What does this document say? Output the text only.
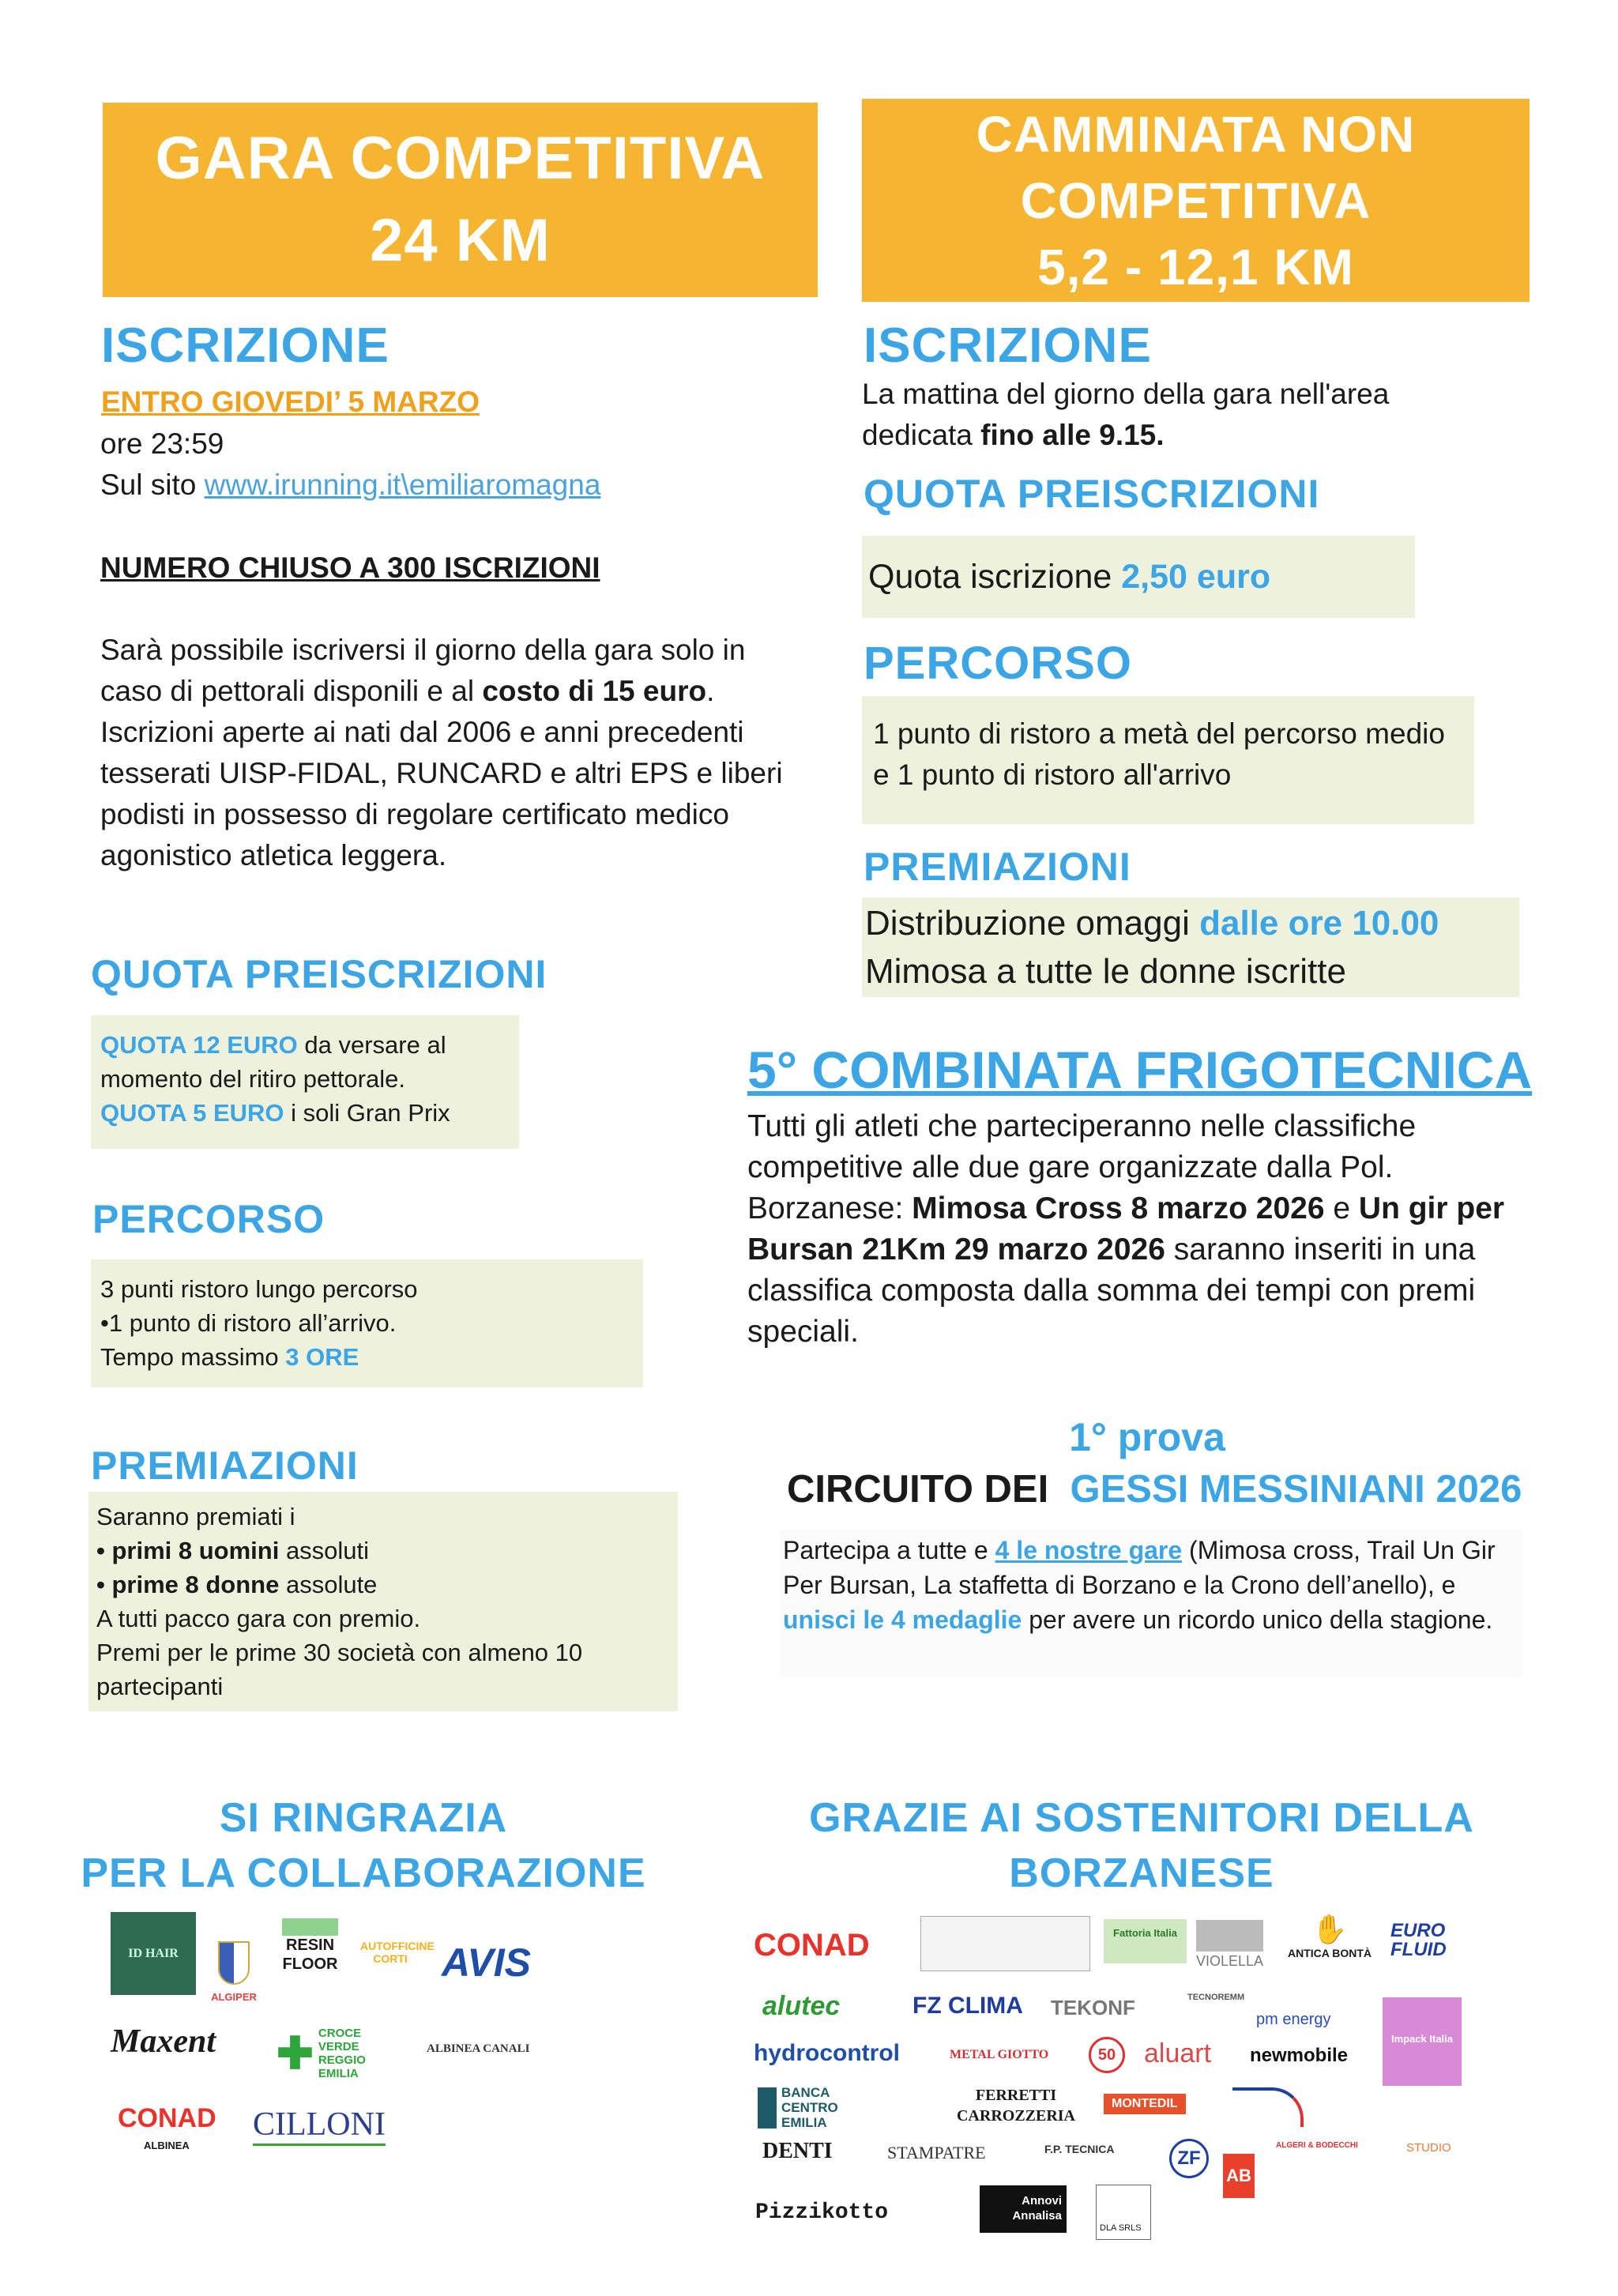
GARA COMPETITIVA
24 KM
CAMMINATA NON
COMPETITIVA
5,2 - 12,1 KM
ISCRIZIONE
ENTRO GIOVEDI’ 5 MARZO
ore 23:59
Sul sito www.irunning.it\emiliaromagna
NUMERO CHIUSO A 300 ISCRIZIONI
Sarà possibile iscriversi il giorno della gara solo in caso di pettorali disponili e al costo di 15 euro. Iscrizioni aperte ai nati dal 2006 e anni precedenti tesserati UISP-FIDAL, RUNCARD e altri EPS e liberi podisti in possesso di regolare certificato medico agonistico atletica leggera.
QUOTA PREISCRIZIONI
QUOTA 12 EURO da versare al momento del ritiro pettorale.
QUOTA 5 EURO i soli Gran Prix
PERCORSO
3 punti ristoro lungo percorso
•1 punto di ristoro all’arrivo.
Tempo massimo 3 ORE
PREMIAZIONI
Saranno premiati i
• primi 8 uomini assoluti
• prime 8 donne assolute
A tutti pacco gara con premio.
Premi per le prime 30 società con almeno 10 partecipanti
SI RINGRAZIA
PER LA COLLABORAZIONE
ID HAIR
ALGIPER
RESIN FLOOR
AUTOFFICINE CORTI AVIS
Maxent ✚ CROCE VERDE REGGIO EMILIA
ALBINEA CANALI
CONAD
ALBINEA
CILLONI
ISCRIZIONE
La mattina del giorno della gara nell'area dedicata fino alle 9.15.
QUOTA PREISCRIZIONI
Quota iscrizione 2,50 euro
PERCORSO
1 punto di ristoro a metà del percorso medio e 1 punto di ristoro all'arrivo
PREMIAZIONI
Distribuzione omaggi dalle ore 10.00
Mimosa a tutte le donne iscritte
5° COMBINATA FRIGOTECNICA
Tutti gli atleti che parteciperanno nelle classifiche competitive alle due gare organizzate dalla Pol. Borzanese: Mimosa Cross 8 marzo 2026 e Un gir per Bursan 21Km 29 marzo 2026 saranno inseriti in una classifica composta dalla somma dei tempi con premi speciali.
1° prova
CIRCUITO DEI  GESSI MESSINIANI 2026
Partecipa a tutte e 4 le nostre gare (Mimosa cross, Trail Un Gir Per Bursan, La staffetta di Borzano e la Crono dell’anello), e unisci le 4 medaglie per avere un ricordo unico della stagione.
GRAZIE AI SOSTENITORI DELLA
BORZANESE
CONAD	Fattoria Italia
VIOLELLA
✋
ANTICA BONTÀ
EURO FLUID
alutec	FZ CLIMA TEKONF	TECNOREMM
pm energy
Impack Italia
hydrocontrol	METAL GIOTTO	50	aluart newmobile
BANCA CENTRO EMILIA
FERRETTI CARROZZERIA
MONTEDIL
DENTI	STAMPATRE	F.P. TECNICA	ZF
AB
ALGERI & BODECCHI	STUDIO
Pizzikotto	Annovi Annalisa
DLA SRLS
